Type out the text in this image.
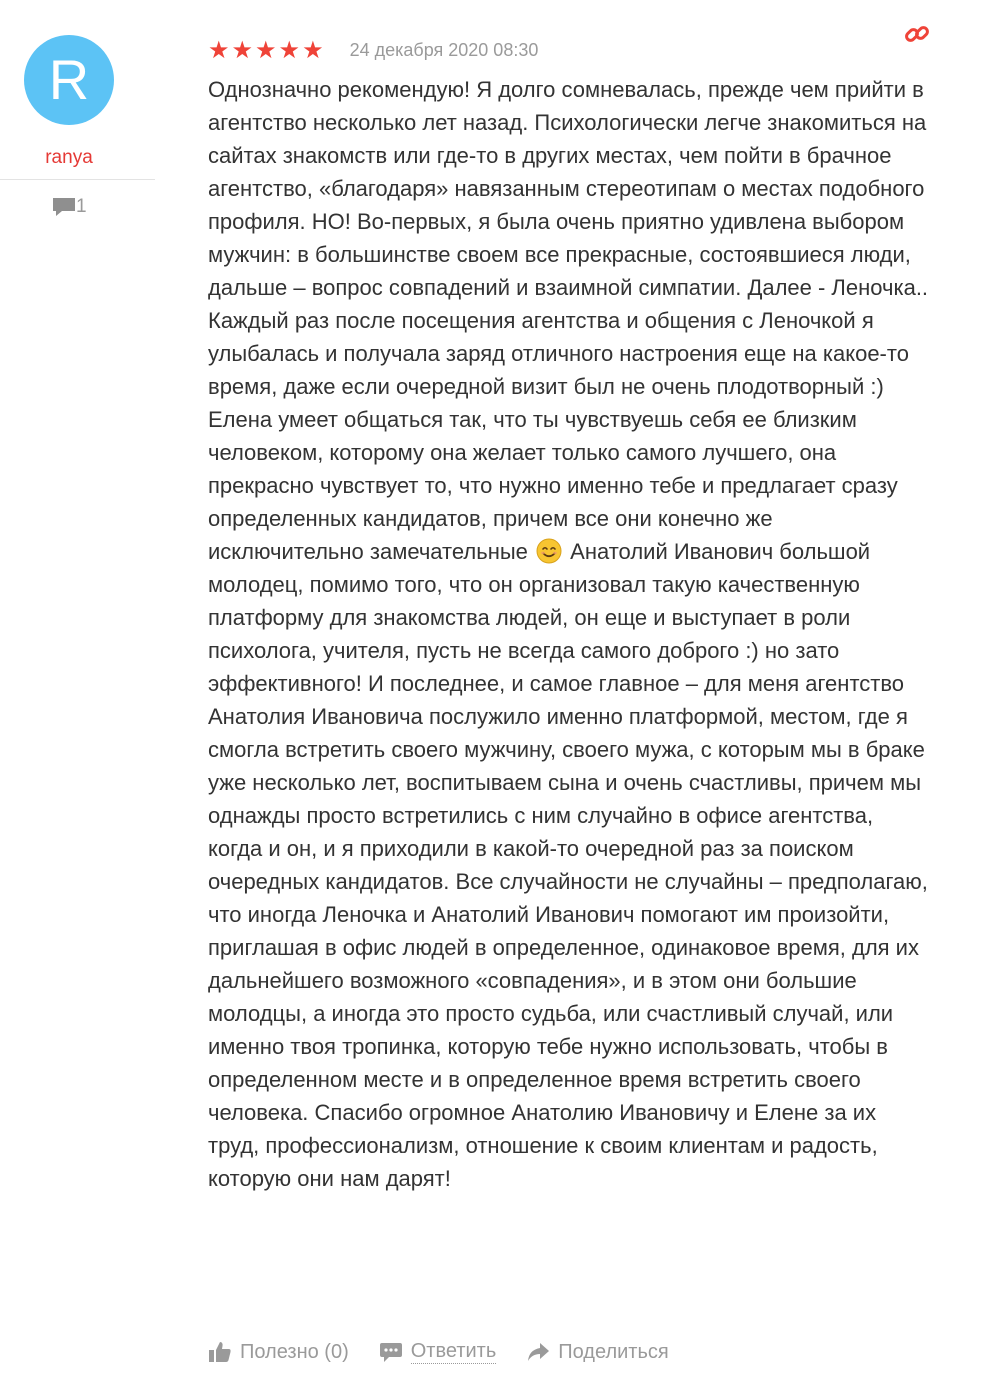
R
ranya
1
★ ★ ★ ★ ★ 24 декабря 2020 08:30

Однозначно рекомендую! Я долго сомневалась, прежде чем прийти в агентство несколько лет назад. Психологически легче знакомиться на сайтах знакомств или где-то в других местах, чем пойти в брачное агентство, «благодаря» навязанным стереотипам о местах подобного профиля. НО! Во-первых, я была очень приятно удивлена выбором мужчин: в большинстве своем все прекрасные, состоявшиеся люди, дальше – вопрос совпадений и взаимной симпатии. Далее - Леночка.. Каждый раз после посещения агентства и общения с Леночкой я улыбалась и получала заряд отличного настроения еще на какое-то время, даже если очередной визит был не очень плодотворный :) Елена умеет общаться так, что ты чувствуешь себя ее близким человеком, которому она желает только самого лучшего, она прекрасно чувствует то, что нужно именно тебе и предлагает сразу определенных кандидатов, причем все они конечно же исключительно замечательные Анатолий Иванович большой молодец, помимо того, что он организовал такую качественную платформу для знакомства людей, он еще и выступает в роли психолога, учителя, пусть не всегда самого доброго :) но зато эффективного! И последнее, и самое главное – для меня агентство Анатолия Ивановича послужило именно платформой, местом, где я смогла встретить своего мужчину, своего мужа, с которым мы в браке уже несколько лет, воспитываем сына и очень счастливы, причем мы однажды просто встретились с ним случайно в офисе агентства, когда и он, и я приходили в какой-то очередной раз за поиском очередных кандидатов. Все случайности не случайны – предполагаю, что иногда Леночка и Анатолий Иванович помогают им произойти, приглашая в офис людей в определенное, одинаковое время, для их дальнейшего возможного «совпадения», и в этом они большие молодцы, а иногда это просто судьба, или счастливый случай, или именно твоя тропинка, которую тебе нужно использовать, чтобы в определенном месте и в определенное время встретить своего человека. Спасибо огромное Анатолию Ивановичу и Елене за их труд, профессионализм, отношение к своим клиентам и радость, которую они нам дарят!

Полезно (0)	Ответить	Поделиться
